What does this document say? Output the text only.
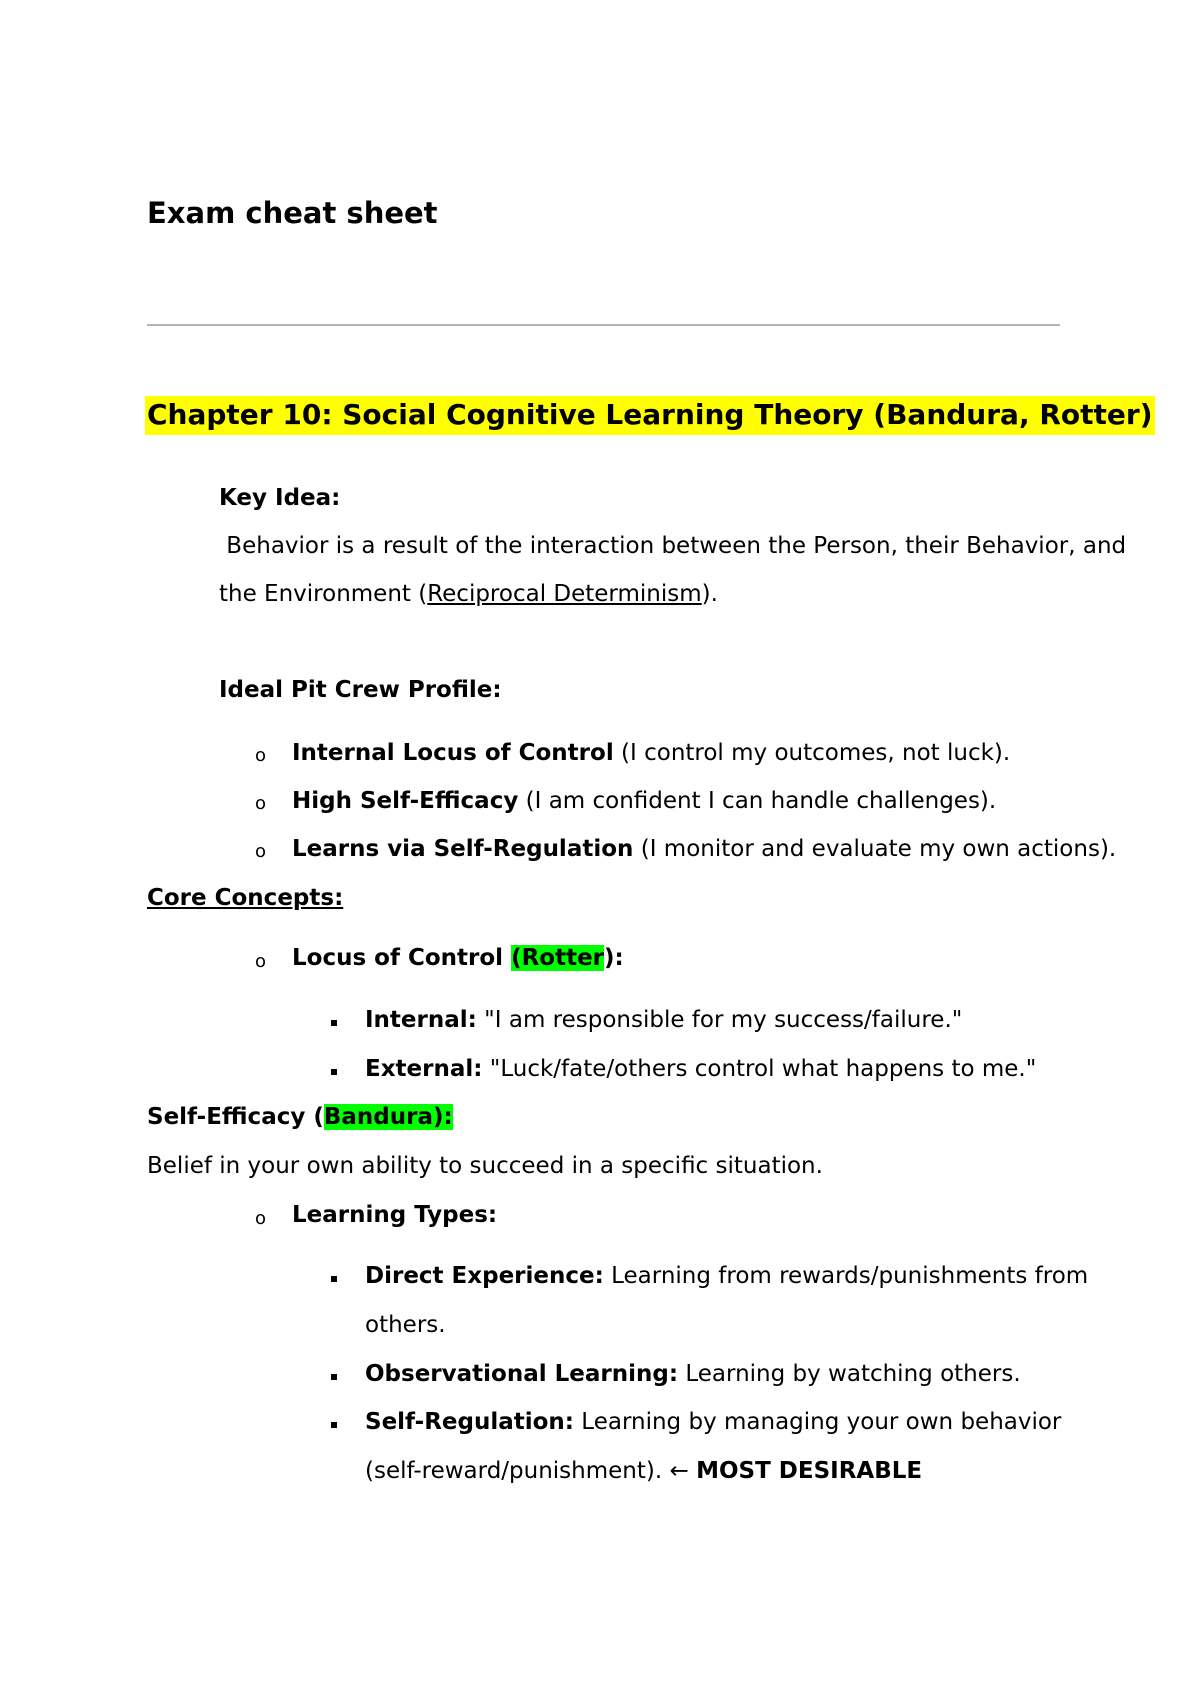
Exam cheat sheet
Chapter 10: Social Cognitive Learning Theory (Bandura, Rotter)
Key Idea:
Behavior is a result of the interaction between the Person, their Behavior, and
the Environment (Reciprocal Determinism).
Ideal Pit Crew Profile:
o Internal Locus of Control (I control my outcomes, not luck).
o High Self-Efficacy (I am confident I can handle challenges).
o Learns via Self-Regulation (I monitor and evaluate my own actions).
Core Concepts:
o Locus of Control (Rotter):
Internal: "I am responsible for my success/failure."
External: "Luck/fate/others control what happens to me."
Self-Efficacy (Bandura):
Belief in your own ability to succeed in a specific situation.
o Learning Types:
Direct Experience: Learning from rewards/punishments from
others.
Observational Learning: Learning by watching others.
Self-Regulation: Learning by managing your own behavior
(self-reward/punishment). ← MOST DESIRABLE
